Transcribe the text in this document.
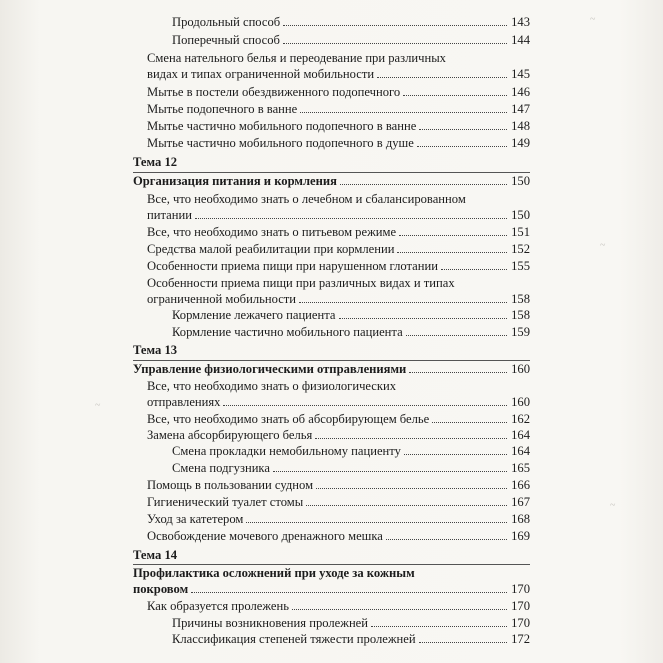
~
~
~
~
Продольный способ	143
Поперечный способ	144
Смена нательного белья и переодевание при различных
видах и типах ограниченной мобильности	145
Мытье в постели обездвиженного подопечного	146
Мытье подопечного в ванне	147
Мытье частично мобильного подопечного в ванне	148
Мытье частично мобильного подопечного в душе	149
Тема 12
Организация питания и кормления	150
Все, что необходимо знать о лечебном и сбалансированном
питании	150
Все, что необходимо знать о питьевом режиме	151
Средства малой реабилитации при кормлении	152
Особенности приема пищи при нарушенном глотании	155
Особенности приема пищи при различных видах и типах
ограниченной мобильности	158
Кормление лежачего пациента	158
Кормление частично мобильного пациента	159
Тема 13
Управление физиологическими отправлениями	160
Все, что необходимо знать о физиологических
отправлениях	160
Все, что необходимо знать об абсорбирующем белье	162
Замена абсорбирующего белья	164
Смена прокладки немобильному пациенту	164
Смена подгузника	165
Помощь в пользовании судном	166
Гигиенический туалет стомы	167
Уход за катетером	168
Освобождение мочевого дренажного мешка	169
Тема 14
Профилактика осложнений при уходе за кожным
покровом	170
Как образуется пролежень	170
Причины возникновения пролежней	170
Классификация степеней тяжести пролежней	172
